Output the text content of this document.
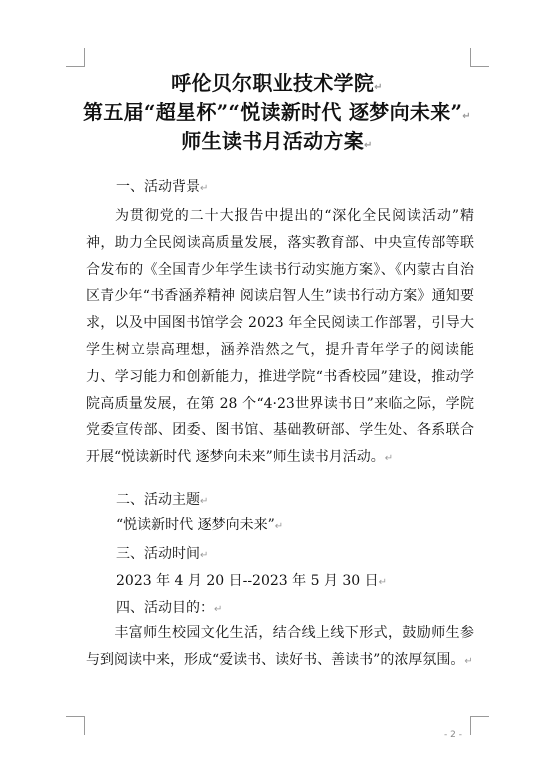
呼伦贝尔职业技术学院↵
第五届“超星杯”“悦读新时代 逐梦向未来”↵
师生读书月活动方案↵
一、活动背景↵
为贯彻党的二十大报告中提出的“深化全民阅读活动”精神，助力全民阅读高质量发展，落实教育部、中央宣传部等联合发布的《全国青少年学生读书行动实施方案》、《内蒙古自治区青少年“书香涵养精神 阅读启智人生”读书行动方案》通知要求，以及中国图书馆学会 2023 年全民阅读工作部署，引导大学生树立崇高理想，涵养浩然之气，提升青年学子的阅读能力、学习能力和创新能力，推进学院“书香校园”建设，推动学院高质量发展，在第 28 个“4·23世界读书日”来临之际，学院党委宣传部、团委、图书馆、基础教研部、学生处、各系联合开展“悦读新时代 逐梦向未来”师生读书月活动。↵
二、活动主题↵
“悦读新时代 逐梦向未来”↵
三、活动时间↵
2023 年 4 月 20 日--2023 年 5 月 30 日↵
四、活动目的：↵
丰富师生校园文化生活，结合线上线下形式，鼓励师生参与到阅读中来，形成“爱读书、读好书、善读书”的浓厚氛围。↵
- 2 -
